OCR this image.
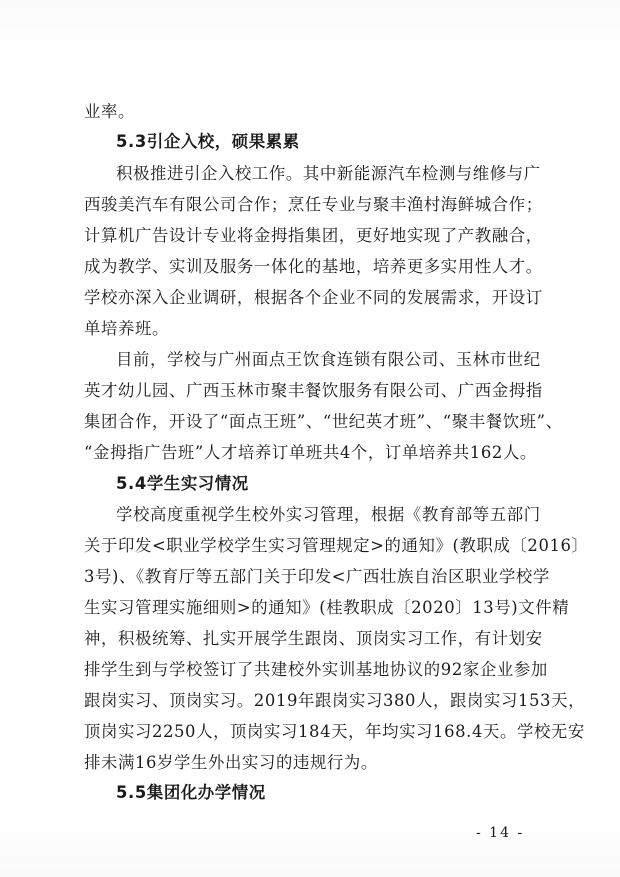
业率。
5.3引企入校，硕果累累
积极推进引企入校工作。其中新能源汽车检测与维修与广
西骏美汽车有限公司合作；烹任专业与聚丰渔村海鲜城合作；
计算机广告设计专业将金拇指集团，更好地实现了产教融合，
成为教学、实训及服务一体化的基地，培养更多实用性人才。
学校亦深入企业调研，根据各个企业不同的发展需求，开设订
单培养班。
目前，学校与广州面点王饮食连锁有限公司、玉林市世纪
英才幼儿园、广西玉林市聚丰餐饮服务有限公司、广西金拇指
集团合作，开设了“面点王班”、“世纪英才班”、“聚丰餐饮班”、
“金拇指广告班”人才培养订单班共4个，订单培养共162人。
5.4学生实习情况
学校高度重视学生校外实习管理，根据《教育部等五部门
关于印发<职业学校学生实习管理规定>的通知》(教职成〔2016〕
3号)、《教育厅等五部门关于印发<广西壮族自治区职业学校学
生实习管理实施细则>的通知》(桂教职成〔2020〕13号)文件精
神，积极统筹、扎实开展学生跟岗、顶岗实习工作，有计划安
排学生到与学校签订了共建校外实训基地协议的92家企业参加
跟岗实习、顶岗实习。2019年跟岗实习380人，跟岗实习153天，
顶岗实习2250人，顶岗实习184天，年均实习168.4天。学校无安
排未满16岁学生外出实习的违规行为。
5.5集团化办学情况
- 14 -
